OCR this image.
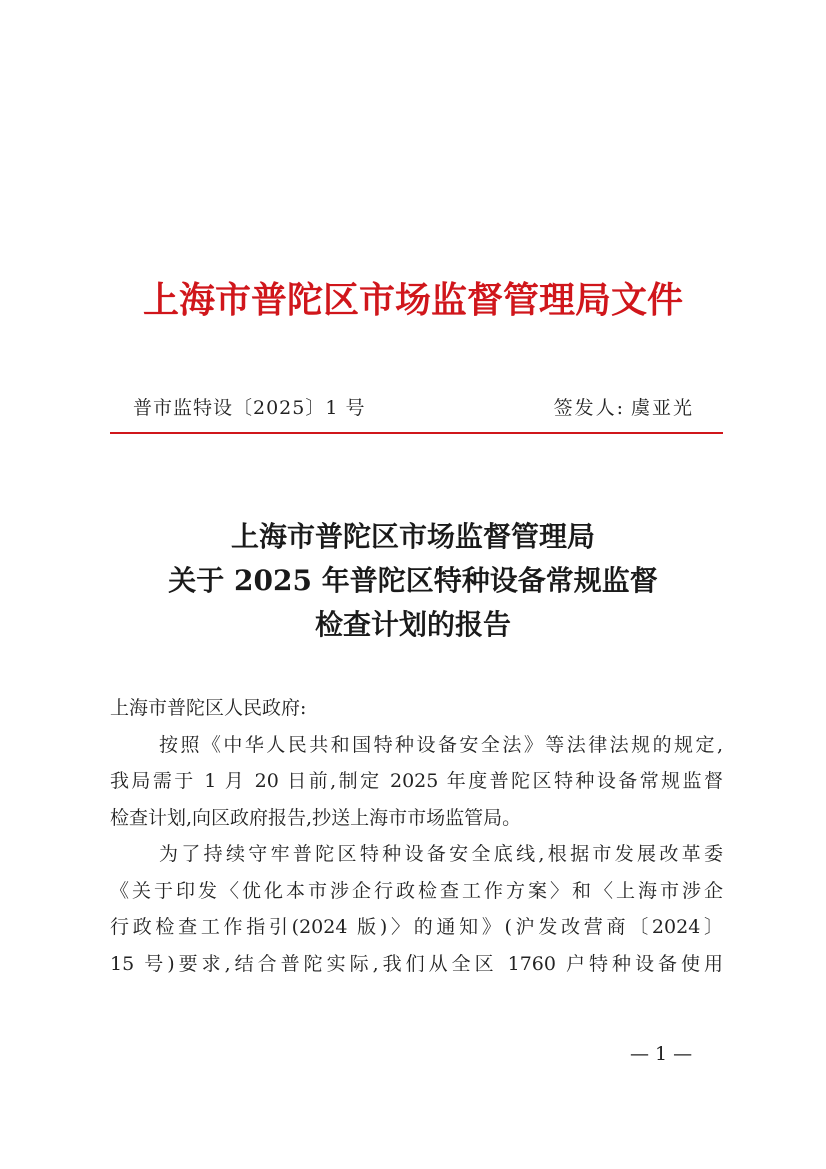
上海市普陀区市场监督管理局文件
普市监特设〔2025〕1 号	签发人: 虞亚光
上海市普陀区市场监督管理局
关于 2025 年普陀区特种设备常规监督
检查计划的报告
上海市普陀区人民政府:
按照《中华人民共和国特种设备安全法》等法律法规的规定,
我局需于 1 月 20 日前,制定 2025 年度普陀区特种设备常规监督
检查计划,向区政府报告,抄送上海市市场监管局。
为了持续守牢普陀区特种设备安全底线,根据市发展改革委
《关于印发〈优化本市涉企行政检查工作方案〉和〈上海市涉企
行政检查工作指引(2024 版)〉的通知》(沪发改营商〔2024〕
15 号)要求,结合普陀实际,我们从全区 1760 户特种设备使用
— 1 —
